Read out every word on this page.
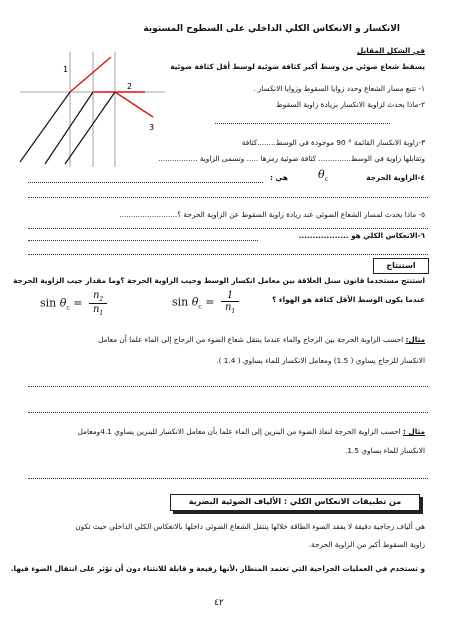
الانكسار و الانعكاس الكلي الداخلي على السطوح المستوية
1
2
3
في الشكل المقابل
يسقط شعاع ضوئي من وسط أكبر كثافة ضوئية لوسط أقل كثافة ضوئية
١- تتبع مسار الشعاع وحدد زوايا السقوط وزوايا الانكسار .
٢-ماذا يحدث لزاوية الانكسار بزيادة زاوية السقوط
٣-زاوية الانكسار القائمة ° 90 موجودة في الوسط........كثافة
وتقابلها زاوية في الوسط.............. كثافة ضوئية رمزها ..... وتسمى الزاوية .................
٤-الزاوية الحرجة
$\theta_c$
هي :
٥- ماذا يحدث لمسار الشعاع الضوئي عند زيادة زاوية السقوط عن الزاوية الحرجة ؟.........................
٦-الانعكاس الكلي هو ..................
استنتاج
استنتج مستخدما قانون سنل العلاقة بين معامل انكسار الوسط وجيب الزاوية الحرجة ؟وما مقدار جيب الزاوية الحرجة
عندما يكون الوسط الأقل كثافة هو الهواء ؟
$\sin \theta_c = \frac{n_2}{n_1}$	$\sin \theta_c = \frac{1}{n_1}$
مثال: احسب الزاوية الحرجة بين الزجاج والماء عندما ينتقل شعاع الضوء من الزجاج إلى الماء علما أن معامل
الانكسار للزجاج يساوي ( 1.5) ومعامل الانكسار للماء يساوي ( 1.4 ).
مثال : احسب الزاوية الحرجة لنفاذ الضوء من البنزين إلى الماء علما بأن معامل الانكسار للبنزين يساوي 4.1ومعامل
الانكسار للماء يساوي 1.5.
من تطبيقات الانعكاس الكلي : الألياف الضوئية البصرية
هي ألياف زجاجية دقيقة لا يفقد الضوء الطاقة خلالها ينتقل الشعاع الضوئي داخلها بالانعكاس الكلي الداخلي حيث تكون
زاوية السقوط أكبر من الزاوية الحرجة.
و تستخدم في العمليات الجراحية التي تعتمد المنظار ،لأنها رفيعة و قابلة للانثناء دون أن تؤثر على انتقال الضوء فيها.
٤٢
